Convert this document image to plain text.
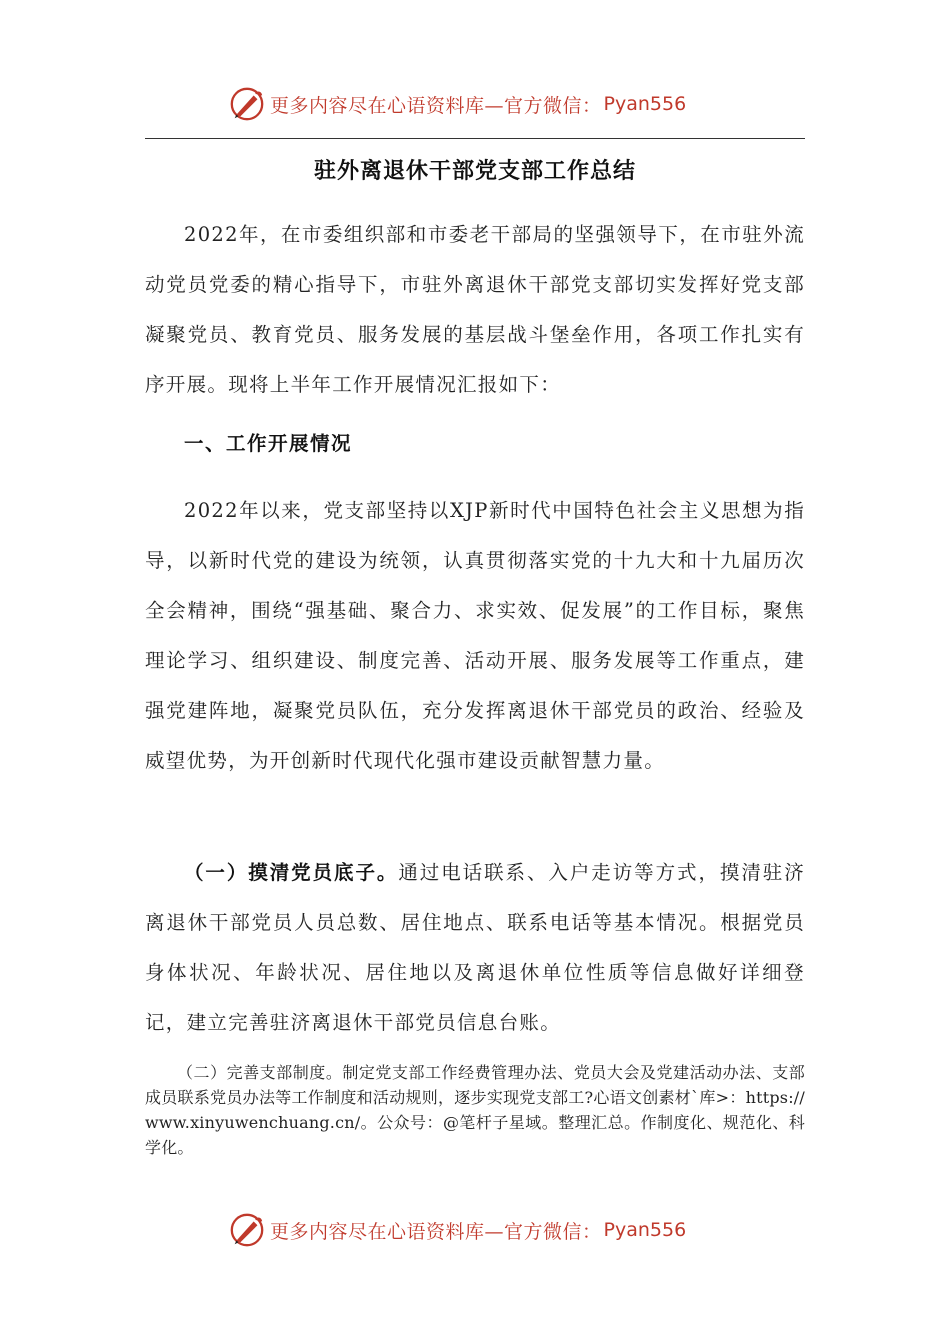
更多内容尽在心语资料库—官方微信： Pyan556
驻外离退休干部党支部工作总结

2022年，在市委组织部和市委老干部局的坚强领导下，在市驻外流动党员党委的精心指导下，市驻外离退休干部党支部切实发挥好党支部凝聚党员、教育党员、服务发展的基层战斗堡垒作用，各项工作扎实有序开展。现将上半年工作开展情况汇报如下：

一、工作开展情况

2022年以来，党支部坚持以XJP新时代中国特色社会主义思想为指导，以新时代党的建设为统领，认真贯彻落实党的十九大和十九届历次全会精神，围绕“强基础、聚合力、求实效、促发展”的工作目标，聚焦理论学习、组织建设、制度完善、活动开展、服务发展等工作重点，建强党建阵地，凝聚党员队伍，充分发挥离退休干部党员的政治、经验及威望优势，为开创新时代现代化强市建设贡献智慧力量。

（一）摸清党员底子。通过电话联系、入户走访等方式，摸清驻济离退休干部党员人员总数、居住地点、联系电话等基本情况。根据党员身体状况、年龄状况、居住地以及离退休单位性质等信息做好详细登记，建立完善驻济离退休干部党员信息台账。

（二）完善支部制度。制定党支部工作经费管理办法、党员大会及党建活动办法、支部成员联系党员办法等工作制度和活动规则，逐步实现党支部工?心语文创素材`库>：https://www.xinyuwenchuang.cn/。公众号：@笔杆子星域。整理汇总。作制度化、规范化、科学化。

更多内容尽在心语资料库—官方微信： Pyan556
